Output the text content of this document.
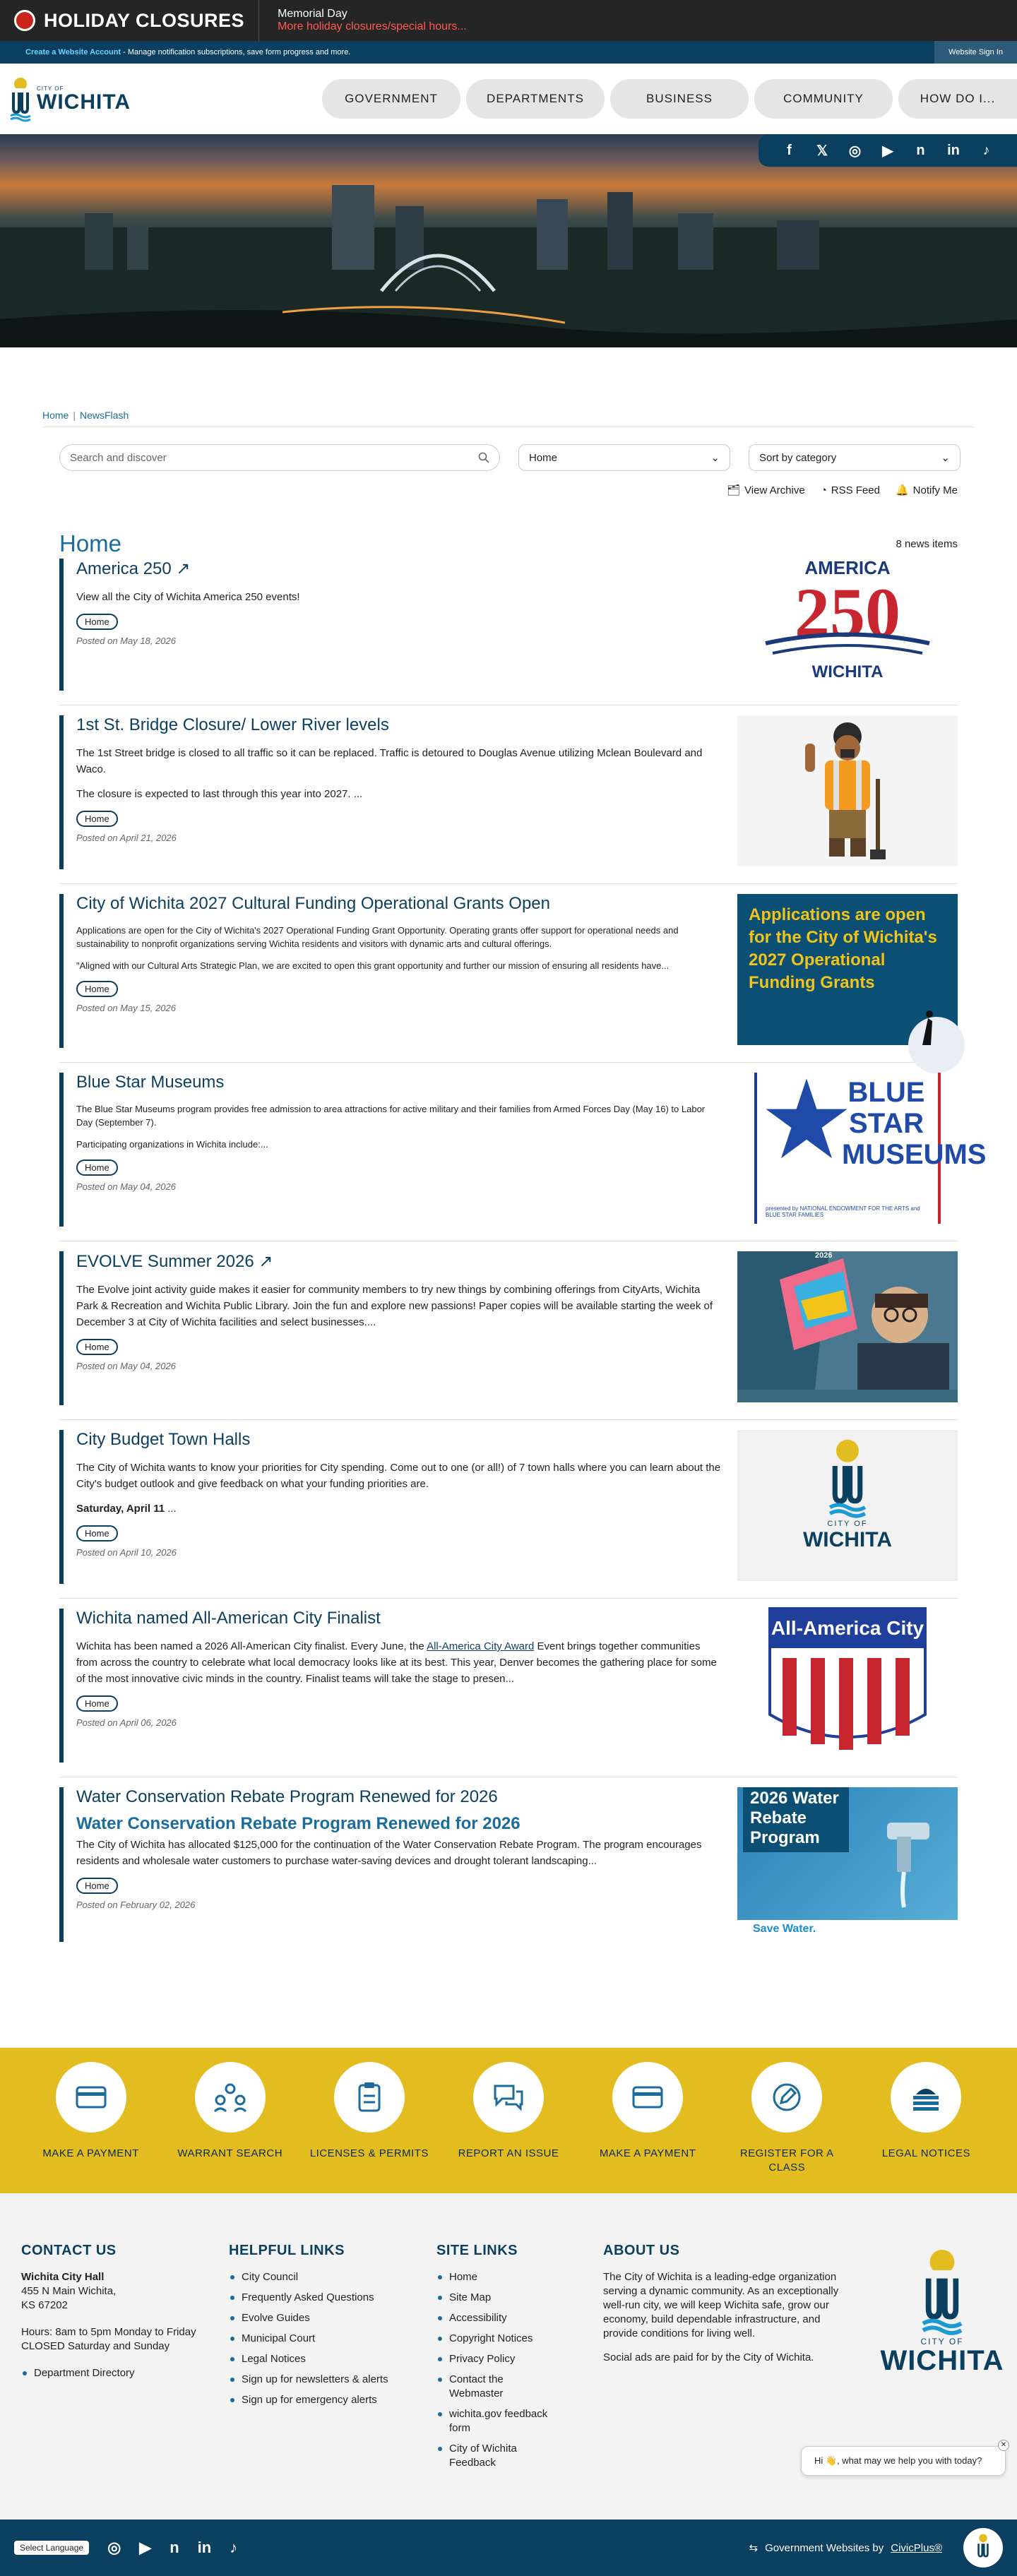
HOLIDAY CLOSURES	Memorial Day
More holiday closures/special hours...
Create a Website Account - Manage notification subscriptions, save form progress and more.	Website Sign In
CITY OF
WICHITA	GOVERNMENT	DEPARTMENTS	BUSINESS	COMMUNITY	HOW DO I...
f	𝕏 ◎ ▶	n	in	♪
Home | NewsFlash
Search and discover	Home	⌄	Sort by category	⌄
🗂 View Archive ◔ RSS Feed 🔔 Notify Me
Home	8 news items
America 250 ↗

View all the City of Wichita America 250 events!

Home
Posted on May 18, 2026
AMERICA
250
WICHITA
1st St. Bridge Closure/ Lower River levels

The 1st Street bridge is closed to all traffic so it can be replaced. Traffic is detoured to Douglas Avenue utilizing Mclean Boulevard and Waco.

The closure is expected to last through this year into 2027. ...

Home
Posted on April 21, 2026
City of Wichita 2027 Cultural Funding Operational Grants Open

Applications are open for the City of Wichita's 2027 Operational Funding Grant Opportunity. Operating grants offer support for operational needs and sustainability to nonprofit organizations serving Wichita residents and visitors with dynamic arts and cultural offerings.

"Aligned with our Cultural Arts Strategic Plan, we are excited to open this grant opportunity and further our mission of ensuring all residents have...

Home
Posted on May 15, 2026
Applications are open for the City of Wichita's 2027 Operational Funding Grants
Blue Star Museums

The Blue Star Museums program provides free admission to area attractions for active military and their families from Armed Forces Day (May 16) to Labor Day (September 7).

Participating organizations in Wichita include:...

Home
Posted on May 04, 2026
BLUE STAR MUSEUMS
presented by NATIONAL ENDOWMENT FOR THE ARTS and BLUE STAR FAMILIES
EVOLVE Summer 2026 ↗

The Evolve joint activity guide makes it easier for community members to try new things by combining offerings from CityArts, Wichita Park & Recreation and Wichita Public Library. Join the fun and explore new passions! Paper copies will be available starting the week of December 3 at City of Wichita facilities and select businesses....

Home
Posted on May 04, 2026
2026
City Budget Town Halls

The City of Wichita wants to know your priorities for City spending. Come out to one (or all!) of 7 town halls where you can learn about the City's budget outlook and give feedback on what your funding priorities are.

Saturday, April 11 ...

Home
Posted on April 10, 2026
CITY OF
WICHITA
Wichita named All-American City Finalist

Wichita has been named a 2026 All-American City finalist. Every June, the All-America City Award Event brings together communities from across the country to celebrate what local democracy looks like at its best. This year, Denver becomes the gathering place for some of the most innovative civic minds in the country. Finalist teams will take the stage to presen...

Home
Posted on April 06, 2026
All-America City
Water Conservation Rebate Program Renewed for 2026
Water Conservation Rebate Program Renewed for 2026

The City of Wichita has allocated $125,000 for the continuation of the Water Conservation Rebate Program. The program encourages residents and wholesale water customers to purchase water-saving devices and drought tolerant landscaping...

Home
Posted on February 02, 2026
2026 Water Rebate Program
Save Water.
MAKE A PAYMENT	WARRANT SEARCH	LICENSES & PERMITS	REPORT AN ISSUE	MAKE A PAYMENT	REGISTER FOR A CLASS
LEGAL NOTICES
CONTACT US
Wichita City Hall
455 N Main Wichita,
KS 67202
Hours: 8am to 5pm Monday to Friday
CLOSED Saturday and Sunday
Department Directory
HELPFUL LINKS
City Council
Frequently Asked Questions
Evolve Guides
Municipal Court
Legal Notices
Sign up for newsletters & alerts
Sign up for emergency alerts
SITE LINKS
Home
Site Map
Accessibility
Copyright Notices
Privacy Policy
Contact the Webmaster
wichita.gov feedback form
City of Wichita Feedback
ABOUT US

The City of Wichita is a leading-edge organization serving a dynamic community. As an exceptionally well-run city, we will keep Wichita safe, grow our economy, build dependable infrastructure, and provide conditions for living well.

Social ads are paid for by the City of Wichita.

CITY OF
WICHITA
Hi 👋, what may we help you with today?
✕
Select Language	◎ ▶ n in ♪	⇆ Government Websites by CivicPlus®
